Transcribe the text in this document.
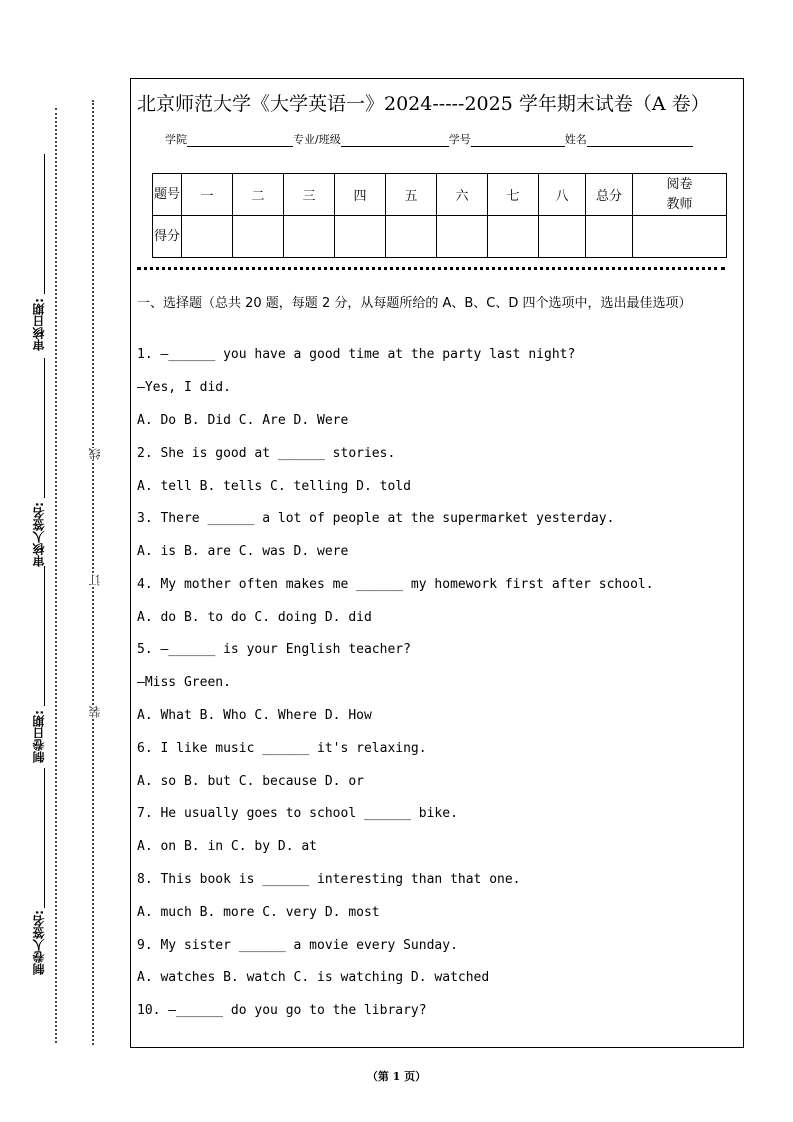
审核日期:
审核人签名:
制卷日期:
制卷人签名:
线
订
装
北京师范大学《大学英语一》2024-----2025 学年期末试卷（A 卷）
学院	专业/班级	学号	姓名
题号	一	二	三	四	五	六	七	八	总分	阅卷教师
得分										
一、选择题（总共 20 题，每题 2 分，从每题所给的 A、B、C、D 四个选项中，选出最佳选项）
1. —______ you have a good time at the party last night?
—Yes, I did.
A. Do B. Did C. Are D. Were
2. She is good at ______ stories.
A. tell B. tells C. telling D. told
3. There ______ a lot of people at the supermarket yesterday.
A. is B. are C. was D. were
4. My mother often makes me ______ my homework first after school.
A. do B. to do C. doing D. did
5. —______ is your English teacher?
—Miss Green.
A. What B. Who C. Where D. How
6. I like music ______ it's relaxing.
A. so B. but C. because D. or
7. He usually goes to school ______ bike.
A. on B. in C. by D. at
8. This book is ______ interesting than that one.
A. much B. more C. very D. most
9. My sister ______ a movie every Sunday.
A. watches B. watch C. is watching D. watched
10. —______ do you go to the library?
（第 1 页）
